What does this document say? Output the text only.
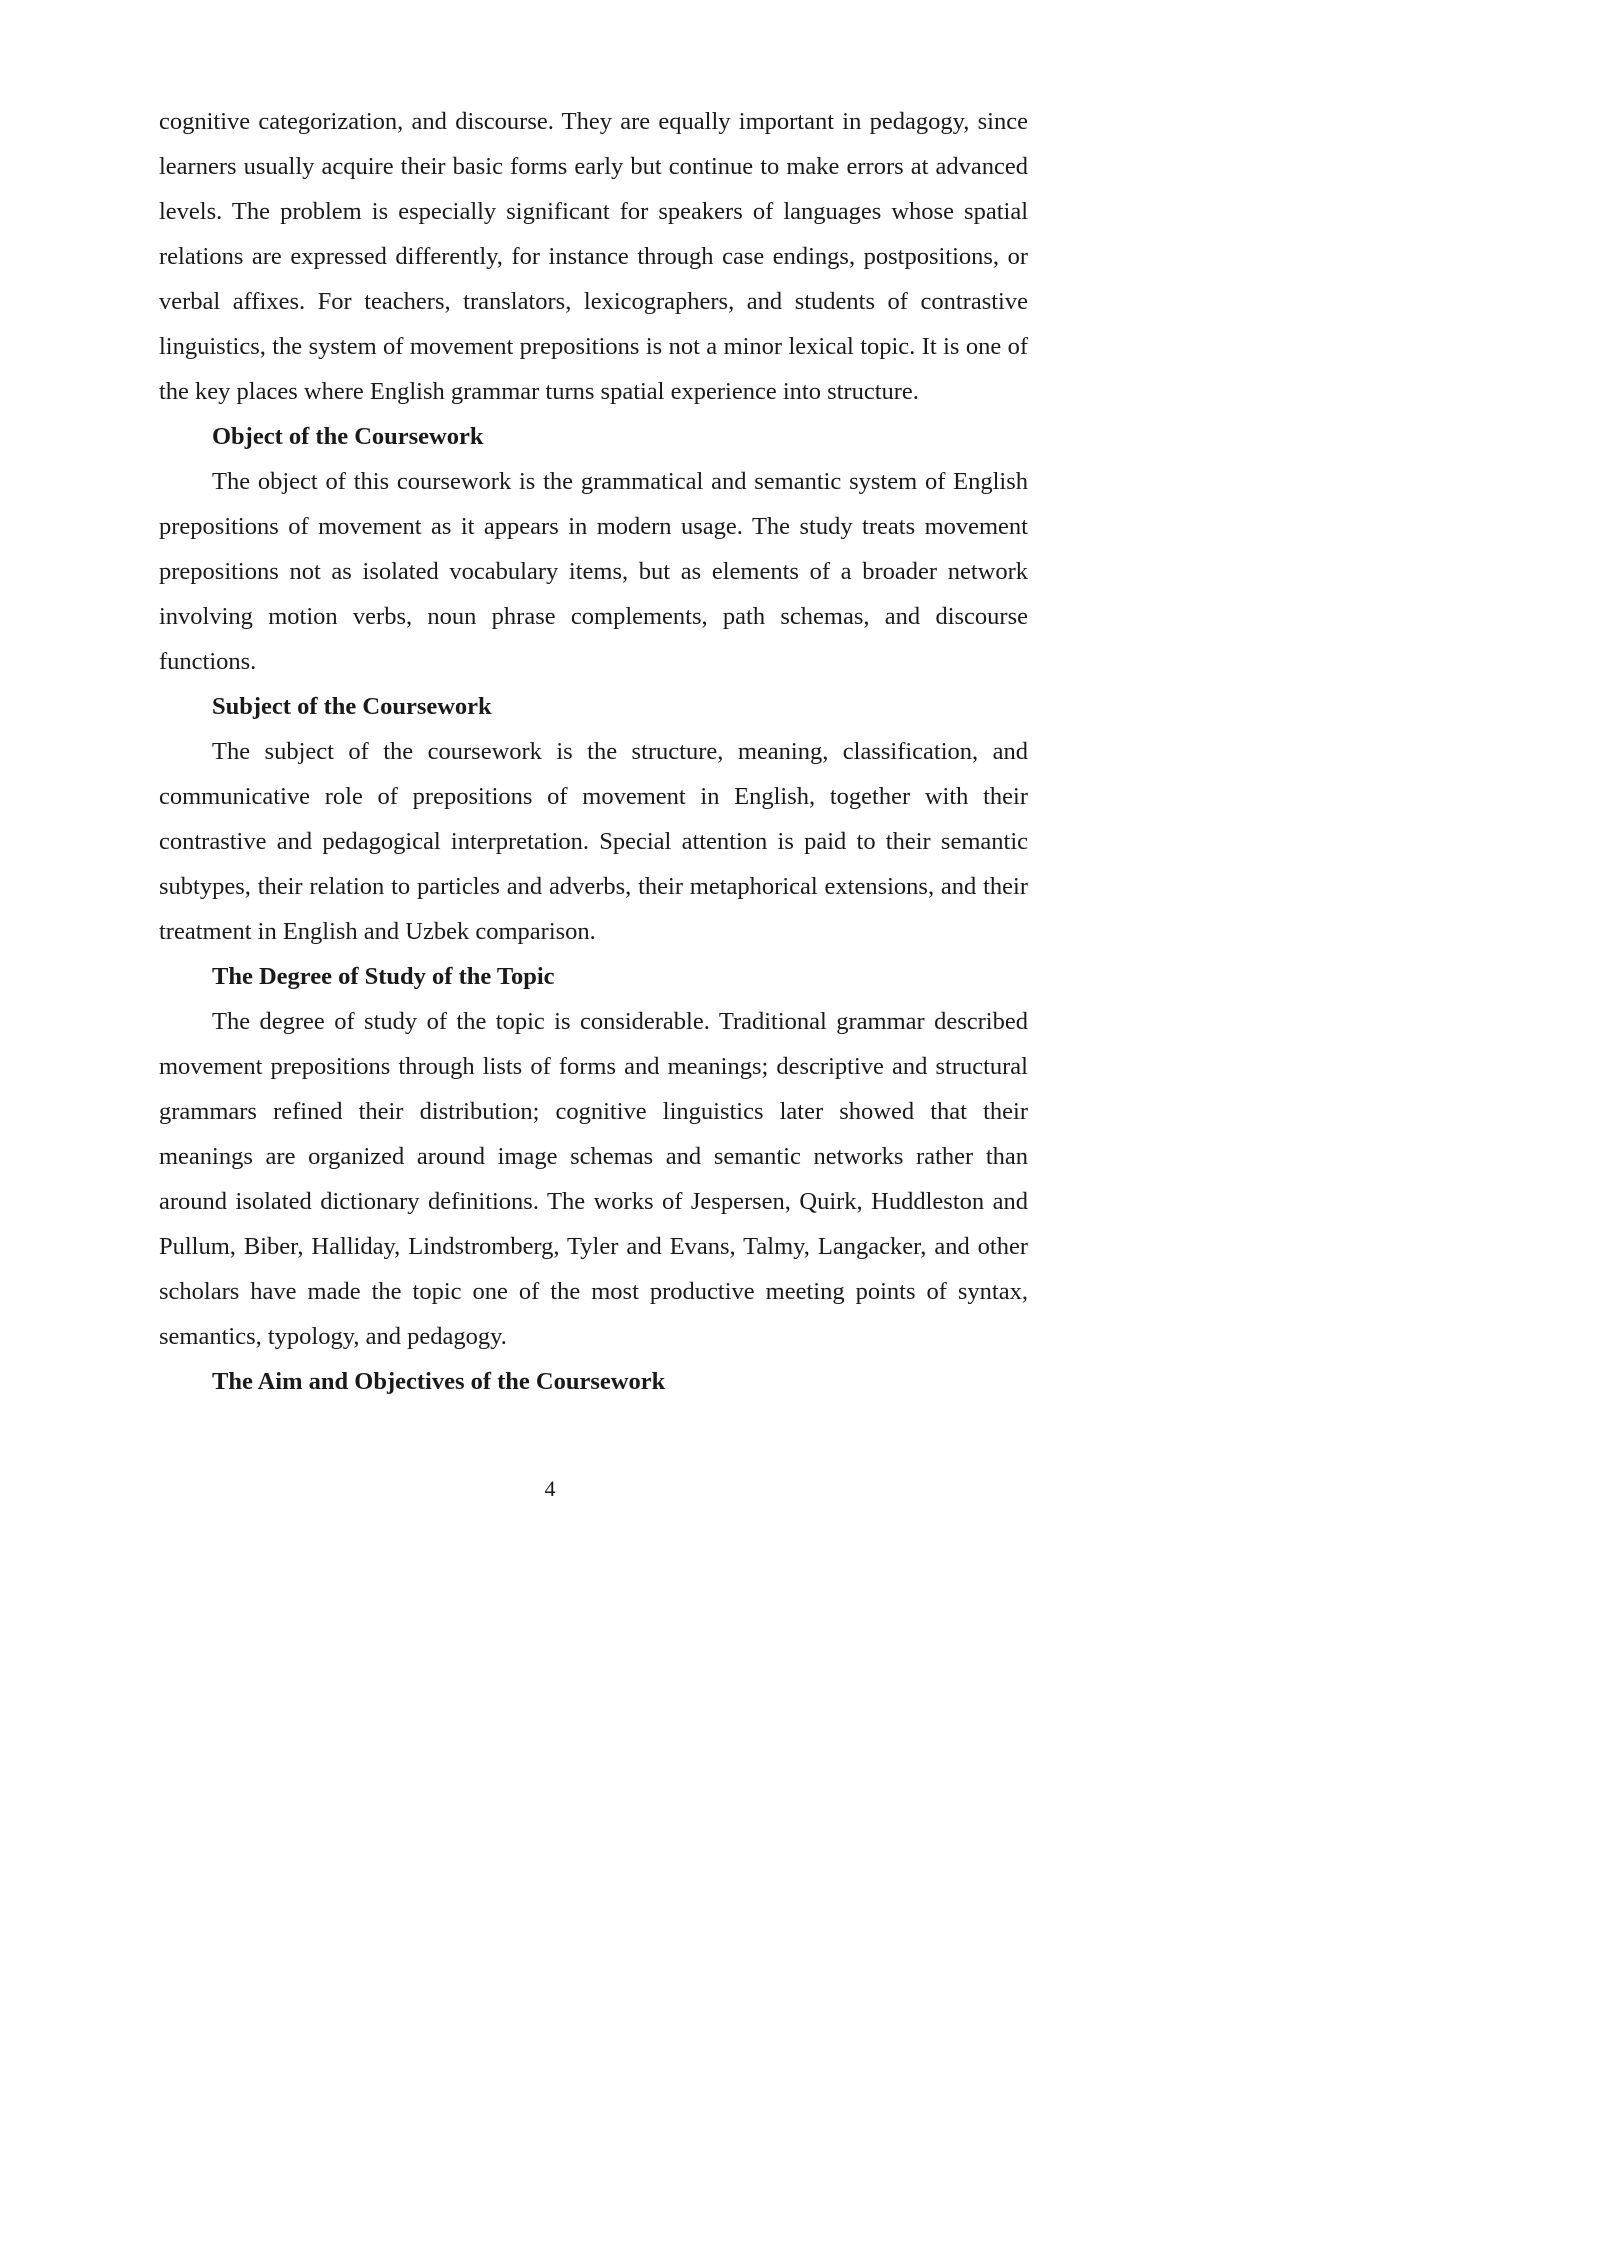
cognitive categorization, and discourse. They are equally important in pedagogy, since learners usually acquire their basic forms early but continue to make errors at advanced levels. The problem is especially significant for speakers of languages whose spatial relations are expressed differently, for instance through case endings, postpositions, or verbal affixes. For teachers, translators, lexicographers, and students of contrastive linguistics, the system of movement prepositions is not a minor lexical topic. It is one of the key places where English grammar turns spatial experience into structure.

Object of the Coursework

The object of this coursework is the grammatical and semantic system of English prepositions of movement as it appears in modern usage. The study treats movement prepositions not as isolated vocabulary items, but as elements of a broader network involving motion verbs, noun phrase complements, path schemas, and discourse functions.

Subject of the Coursework

The subject of the coursework is the structure, meaning, classification, and communicative role of prepositions of movement in English, together with their contrastive and pedagogical interpretation. Special attention is paid to their semantic subtypes, their relation to particles and adverbs, their metaphorical extensions, and their treatment in English and Uzbek comparison.

The Degree of Study of the Topic

The degree of study of the topic is considerable. Traditional grammar described movement prepositions through lists of forms and meanings; descriptive and structural grammars refined their distribution; cognitive linguistics later showed that their meanings are organized around image schemas and semantic networks rather than around isolated dictionary definitions. The works of Jespersen, Quirk, Huddleston and Pullum, Biber, Halliday, Lindstromberg, Tyler and Evans, Talmy, Langacker, and other scholars have made the topic one of the most productive meeting points of syntax, semantics, typology, and pedagogy.

The Aim and Objectives of the Coursework
4
